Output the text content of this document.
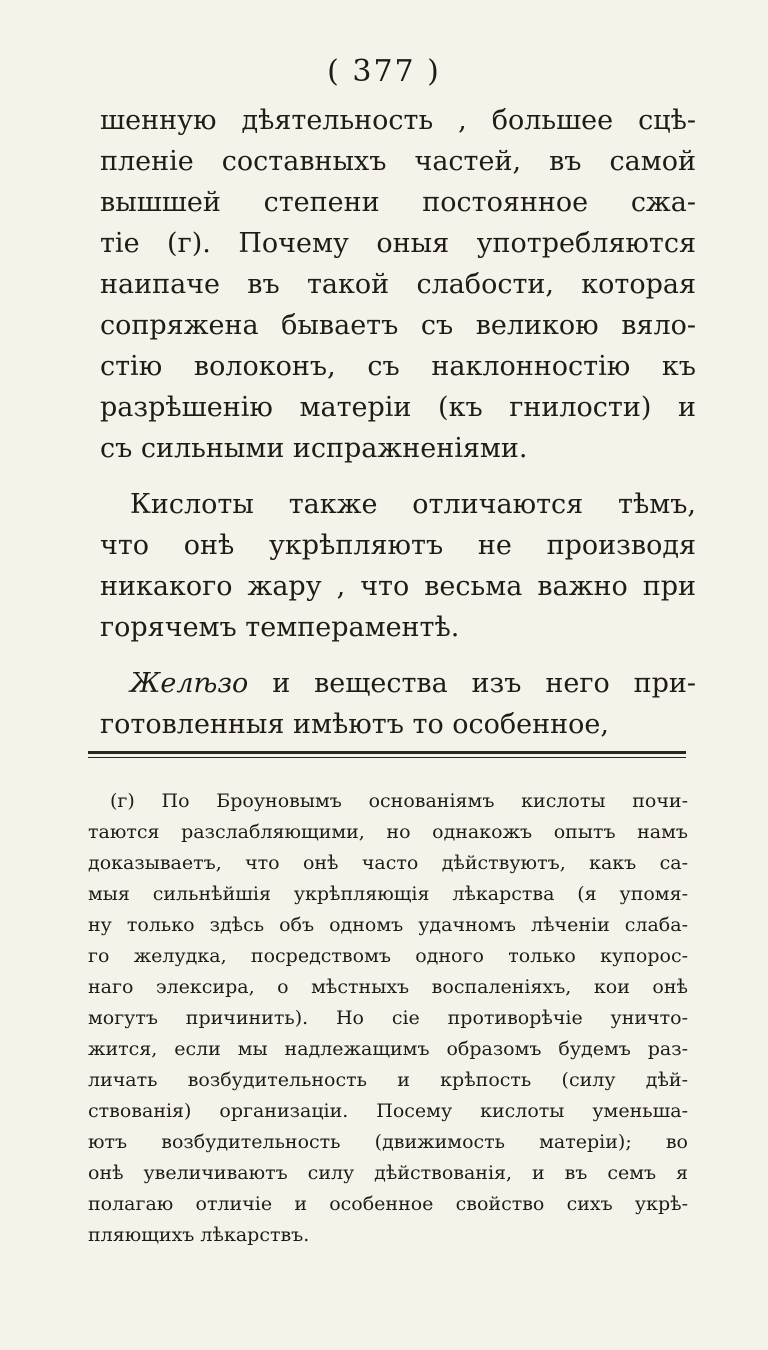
( 377 )
шенную дѣятельность , большее сцѣ-
пленіе составныхъ частей, въ самой
вышшей степени постоянное сжа-
тіе (г). Почему оныя употребляются
наипаче въ такой слабости, которая
сопряжена бываетъ съ великою вяло-
стію волоконъ, съ наклонностію къ
разрѣшенію матеріи (къ гнилости) и
съ сильными испражненіями.
Кислоты также отличаются тѣмъ,
что онѣ укрѣпляютъ не производя
никакого жару , что весьма важно при
горячемъ темпераментѣ.
Желѣзо и вещества изъ него при-
готовленныя имѣютъ то особенное,
(г) По Броуновымъ основаніямъ кислоты почи-
таются разслабляющими, но однакожъ опытъ намъ
доказываетъ, что онѣ часто дѣйствуютъ, какъ са-
мыя сильнѣйшія укрѣпляющія лѣкарства (я упомя-
ну только здѣсь объ одномъ удачномъ лѣченіи слаба-
го желудка, посредствомъ одного только купорос-
наго элексира, о мѣстныхъ воспаленіяхъ, кои онѣ
могутъ причинить). Но сіе противорѣчіе уничто-
жится, если мы надлежащимъ образомъ будемъ раз-
личать возбудительность и крѣпость (силу дѣй-
ствованія) организаціи. Посему кислоты уменьша-
ютъ возбудительность (движимость матеріи); во
онѣ увеличиваютъ силу дѣйствованія, и въ семъ я
полагаю отличіе и особенное свойство сихъ укрѣ-
пляющихъ лѣкарствъ.
